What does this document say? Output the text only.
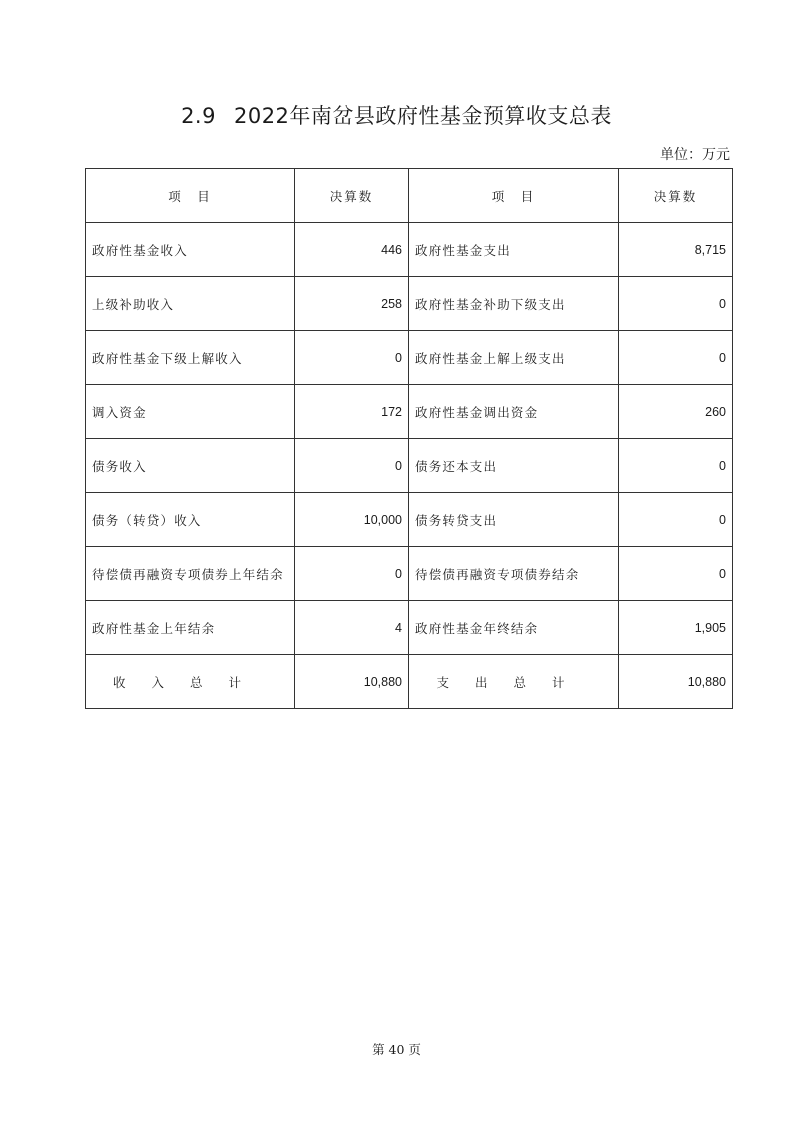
2.9 2022年南岔县政府性基金预算收支总表
单位：万元
项　目	决算数	项　目	决算数
政府性基金收入	446	政府性基金支出	8,715
上级补助收入	258	政府性基金补助下级支出	0
政府性基金下级上解收入	0	政府性基金上解上级支出	0
调入资金	172	政府性基金调出资金	260
债务收入	0	债务还本支出	0
债务（转贷）收入	10,000	债务转贷支出	0
待偿债再融资专项债券上年结余	0	待偿债再融资专项债券结余	0
政府性基金上年结余	4	政府性基金年终结余	1,905
收入总计	10,880	支出总计	10,880
第 40 页
